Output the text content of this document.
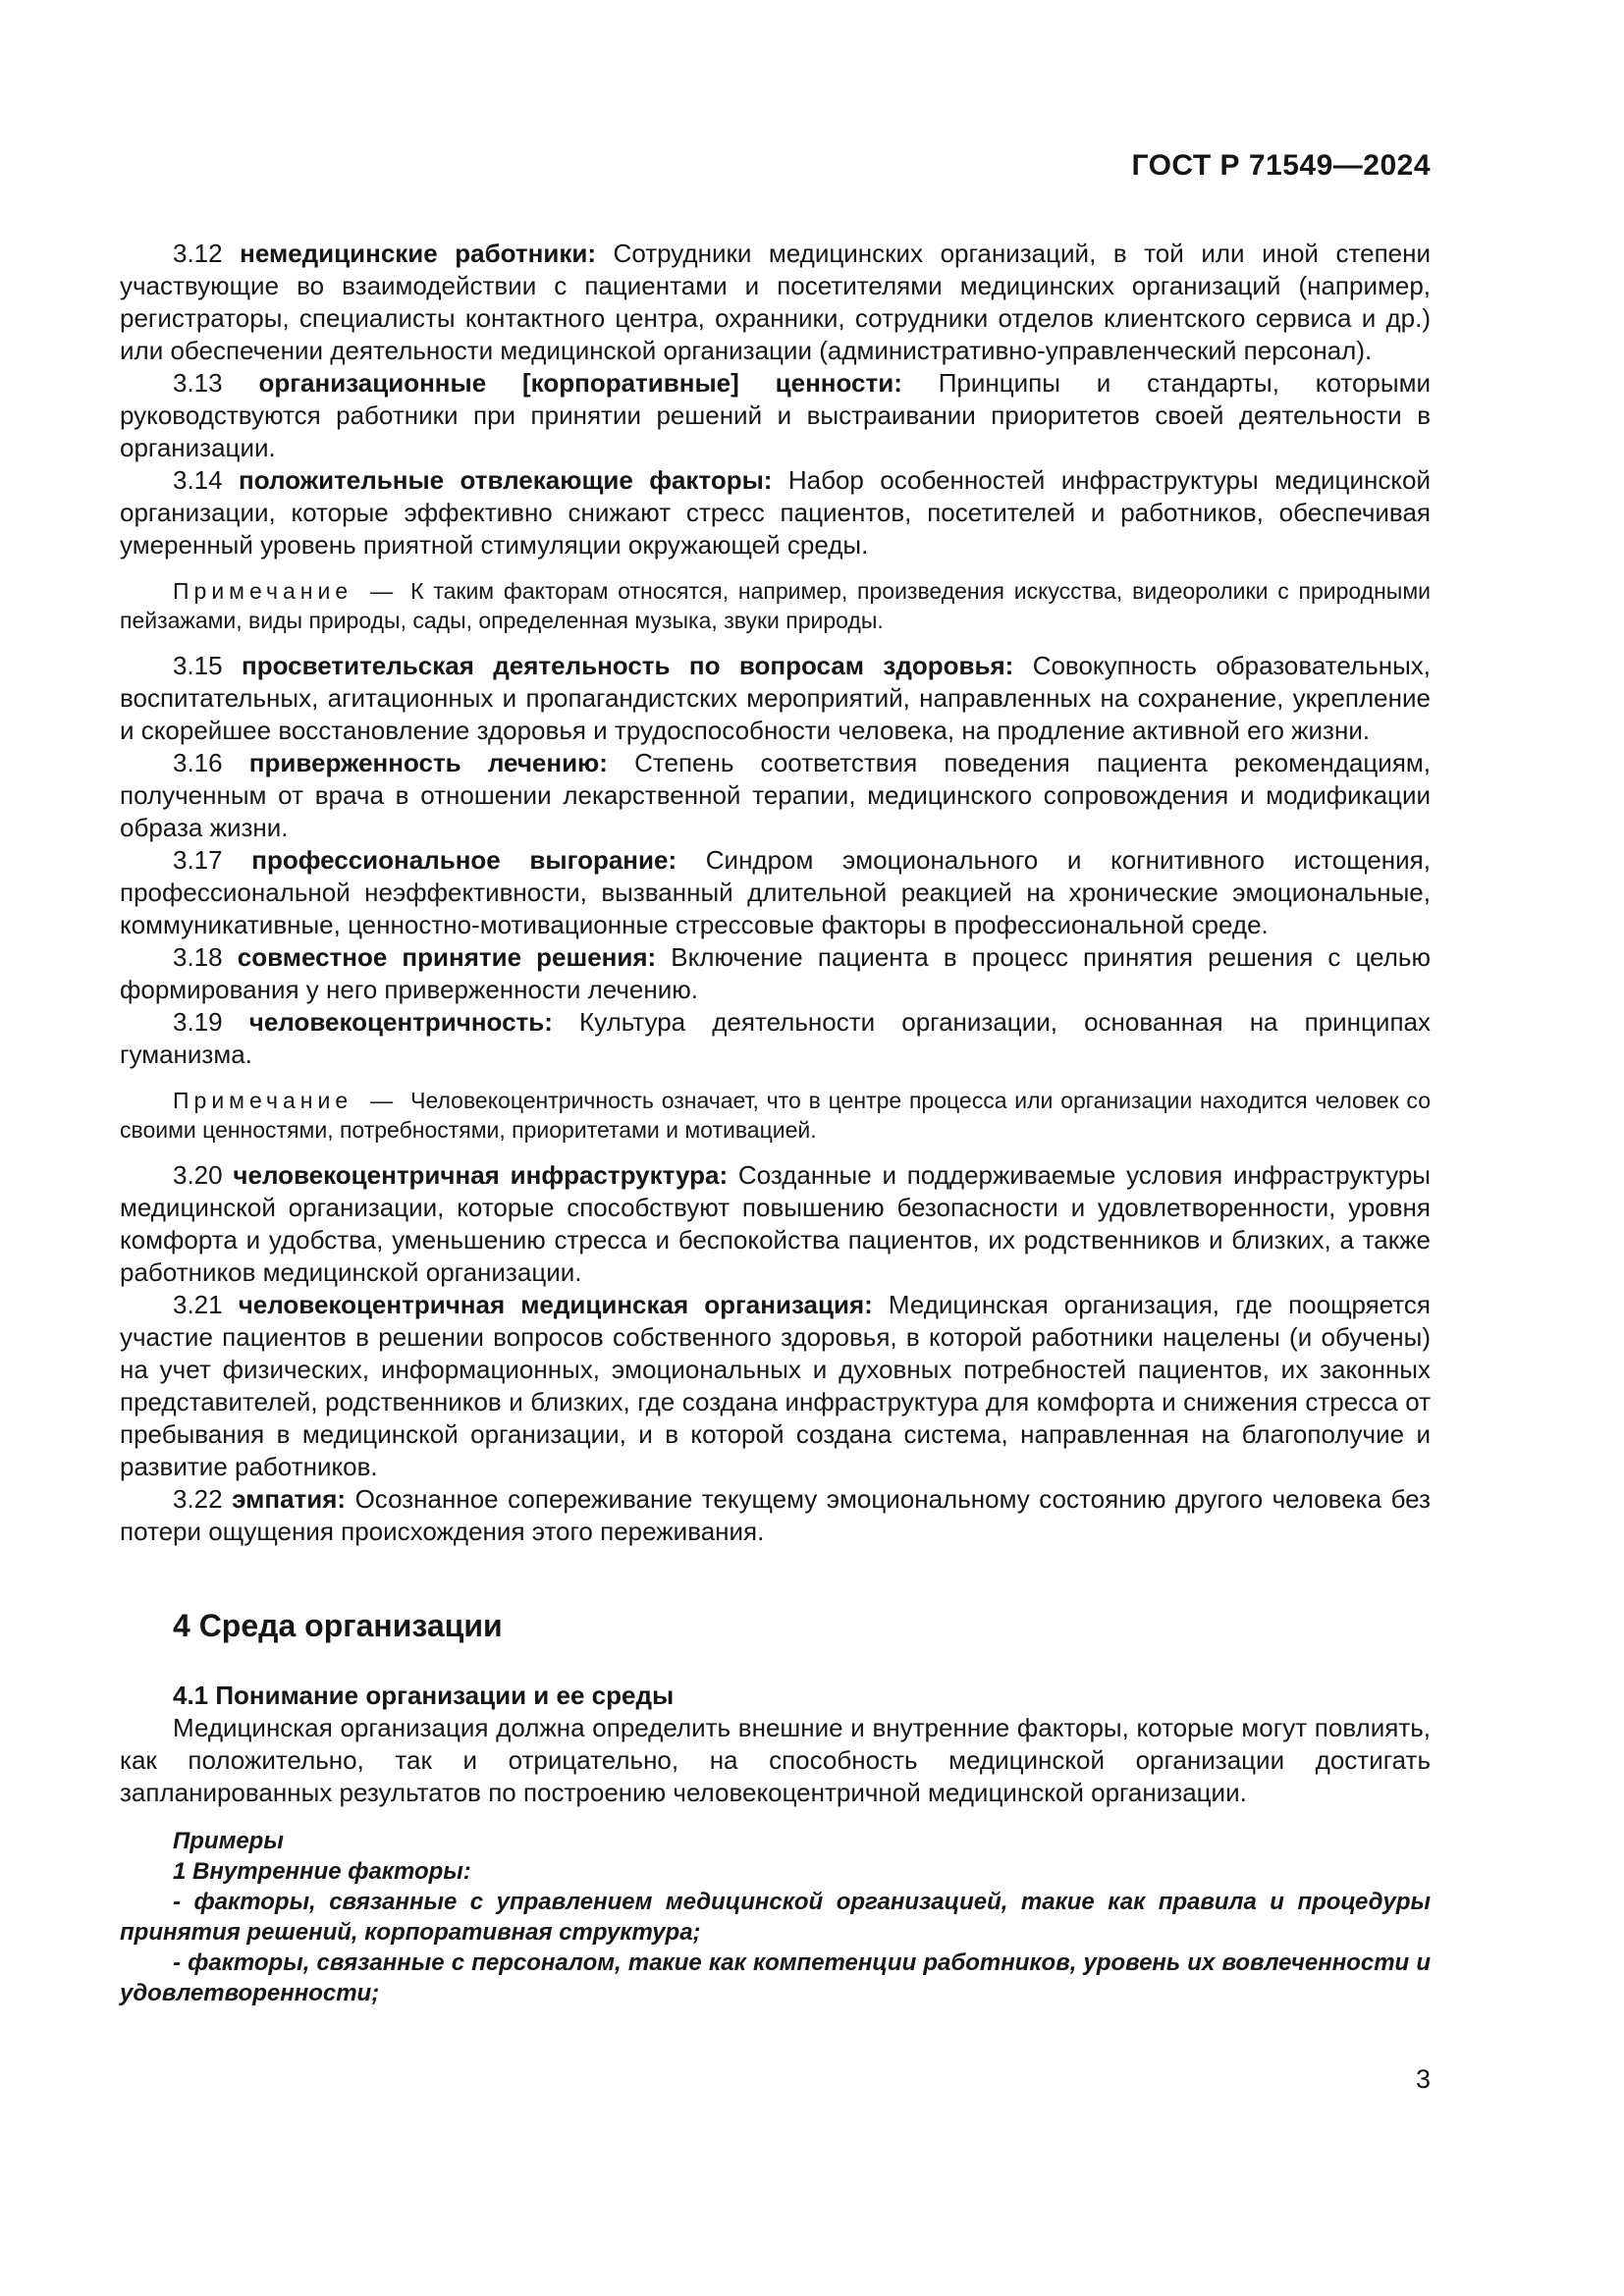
ГОСТ Р 71549—2024

3.12 немедицинские работники: Сотрудники медицинских организаций, в той или иной степени участвующие во взаимодействии с пациентами и посетителями медицинских организаций (например, регистраторы, специалисты контактного центра, охранники, сотрудники отделов клиентского сервиса и др.) или обеспечении деятельности медицинской организации (административно-управленческий персонал).

3.13 организационные [корпоративные] ценности: Принципы и стандарты, которыми руководствуются работники при принятии решений и выстраивании приоритетов своей деятельности в организации.

3.14 положительные отвлекающие факторы: Набор особенностей инфраструктуры медицинской организации, которые эффективно снижают стресс пациентов, посетителей и работников, обеспечивая умеренный уровень приятной стимуляции окружающей среды.

Примечание — К таким факторам относятся, например, произведения искусства, видеоролики с природными пейзажами, виды природы, сады, определенная музыка, звуки природы.

3.15 просветительская деятельность по вопросам здоровья: Совокупность образовательных, воспитательных, агитационных и пропагандистских мероприятий, направленных на сохранение, укрепление и скорейшее восстановление здоровья и трудоспособности человека, на продление активной его жизни.

3.16 приверженность лечению: Степень соответствия поведения пациента рекомендациям, полученным от врача в отношении лекарственной терапии, медицинского сопровождения и модификации образа жизни.

3.17 профессиональное выгорание: Синдром эмоционального и когнитивного истощения, профессиональной неэффективности, вызванный длительной реакцией на хронические эмоциональные, коммуникативные, ценностно-мотивационные стрессовые факторы в профессиональной среде.

3.18 совместное принятие решения: Включение пациента в процесс принятия решения с целью формирования у него приверженности лечению.

3.19 человекоцентричность: Культура деятельности организации, основанная на принципах гуманизма.

Примечание — Человекоцентричность означает, что в центре процесса или организации находится человек со своими ценностями, потребностями, приоритетами и мотивацией.

3.20 человекоцентричная инфраструктура: Созданные и поддерживаемые условия инфраструктуры медицинской организации, которые способствуют повышению безопасности и удовлетворенности, уровня комфорта и удобства, уменьшению стресса и беспокойства пациентов, их родственников и близких, а также работников медицинской организации.

3.21 человекоцентричная медицинская организация: Медицинская организация, где поощряется участие пациентов в решении вопросов собственного здоровья, в которой работники нацелены (и обучены) на учет физических, информационных, эмоциональных и духовных потребностей пациентов, их законных представителей, родственников и близких, где создана инфраструктура для комфорта и снижения стресса от пребывания в медицинской организации, и в которой создана система, направленная на благополучие и развитие работников.

3.22 эмпатия: Осознанное сопереживание текущему эмоциональному состоянию другого человека без потери ощущения происхождения этого переживания.

4 Среда организации
4.1 Понимание организации и ее среды

Медицинская организация должна определить внешние и внутренние факторы, которые могут повлиять, как положительно, так и отрицательно, на способность медицинской организации достигать запланированных результатов по построению человекоцентричной медицинской организации.

Примеры

1 Внутренние факторы:

- факторы, связанные с управлением медицинской организацией, такие как правила и процедуры принятия решений, корпоративная структура;

- факторы, связанные с персоналом, такие как компетенции работников, уровень их вовлеченности и удовлетворенности;

3
